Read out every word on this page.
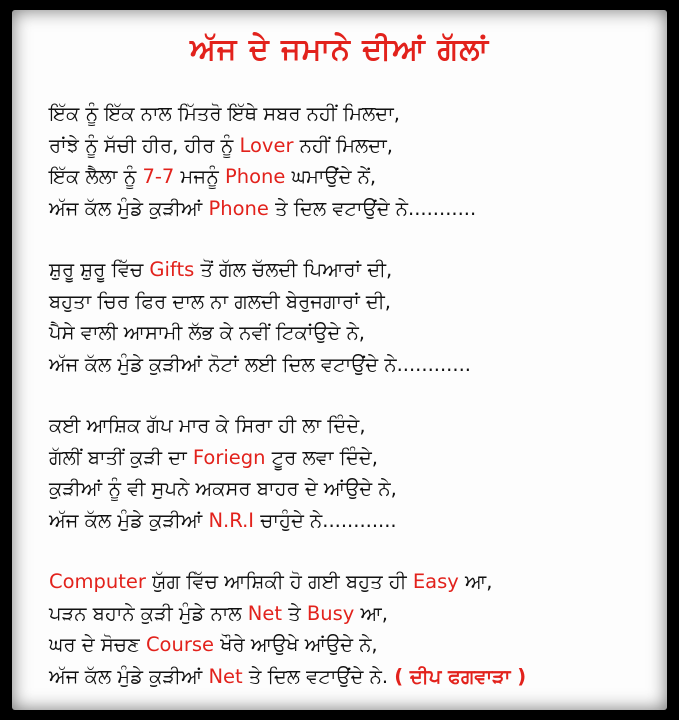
ਅੱਜ ਦੇ ਜਮਾਨੇ ਦੀਆਂ ਗੱਲਾਂ
ਇੱਕ ਨੂੰ ਇੱਕ ਨਾਲ ਮਿੱਤਰੋ ਇੱਥੇ ਸਬਰ ਨਹੀਂ ਮਿਲਦਾ,
ਰਾਂਝੇ ਨੂੰ ਸੱਚੀ ਹੀਰ, ਹੀਰ ਨੂੰ Lover ਨਹੀਂ ਮਿਲਦਾ,
ਇੱਕ ਲੈਲਾ ਨੂੰ 7-7 ਮਜਨੂੰ Phone ਘਮਾਉਂਦੇ ਨੇਂ,
ਅੱਜ ਕੱਲ ਮੁੰਡੇ ਕੁੜੀਆਂ Phone ਤੇ ਦਿਲ ਵਟਾਉਂਦੇ ਨੇ...........
ਸ਼ੁਰੂ ਸ਼ੁਰੂ ਵਿੱਚ Gifts ਤੋਂ ਗੱਲ ਚੱਲਦੀ ਪਿਆਰਾਂ ਦੀ,
ਬਹੁਤਾ ਚਿਰ ਫਿਰ ਦਾਲ ਨਾ ਗਲਦੀ ਬੇਰੁਜਗਾਰਾਂ ਦੀ,
ਪੈਸੇ ਵਾਲੀ ਆਸਾਮੀ ਲੱਭ ਕੇ ਨਵੀਂ ਟਿਕਾਂਉਦੇ ਨੇ,
ਅੱਜ ਕੱਲ ਮੁੰਡੇ ਕੁੜੀਆਂ ਨੋਟਾਂ ਲਈ ਦਿਲ ਵਟਾਉਂਦੇ ਨੇ............
ਕਈ ਆਸ਼ਿਕ ਗੱਪ ਮਾਰ ਕੇ ਸਿਰਾ ਹੀ ਲਾ ਦਿੰਦੇ,
ਗੱਲੀਂ ਬਾਤੀਂ ਕੁੜੀ ਦਾ Foriegn ਟੂਰ ਲਵਾ ਦਿੰਦੇ,
ਕੁੜੀਆਂ ਨੂੰ ਵੀ ਸੁਪਨੇ ਅਕਸਰ ਬਾਹਰ ਦੇ ਆਂਉਦੇ ਨੇ,
ਅੱਜ ਕੱਲ ਮੁੰਡੇ ਕੁੜੀਆਂ N.R.I ਚਾਹੁੰਦੇ ਨੇ............
Computer ਯੁੱਗ ਵਿੱਚ ਆਸ਼ਿਕੀ ਹੋ ਗਈ ਬਹੁਤ ਹੀ Easy ਆ,
ਪੜਨ ਬਹਾਨੇ ਕੁੜੀ ਮੁੰਡੇ ਨਾਲ Net ਤੇ Busy ਆ,
ਘਰ ਦੇ ਸੋਚਣ Course ਖੌਰੇ ਆਉਖੇ ਆਂਉਦੇ ਨੇ,
ਅੱਜ ਕੱਲ ਮੁੰਡੇ ਕੁੜੀਆਂ Net ਤੇ ਦਿਲ ਵਟਾਉਂਦੇ ਨੇ. ( ਦੀਪ ਫਗਵਾੜਾ )
